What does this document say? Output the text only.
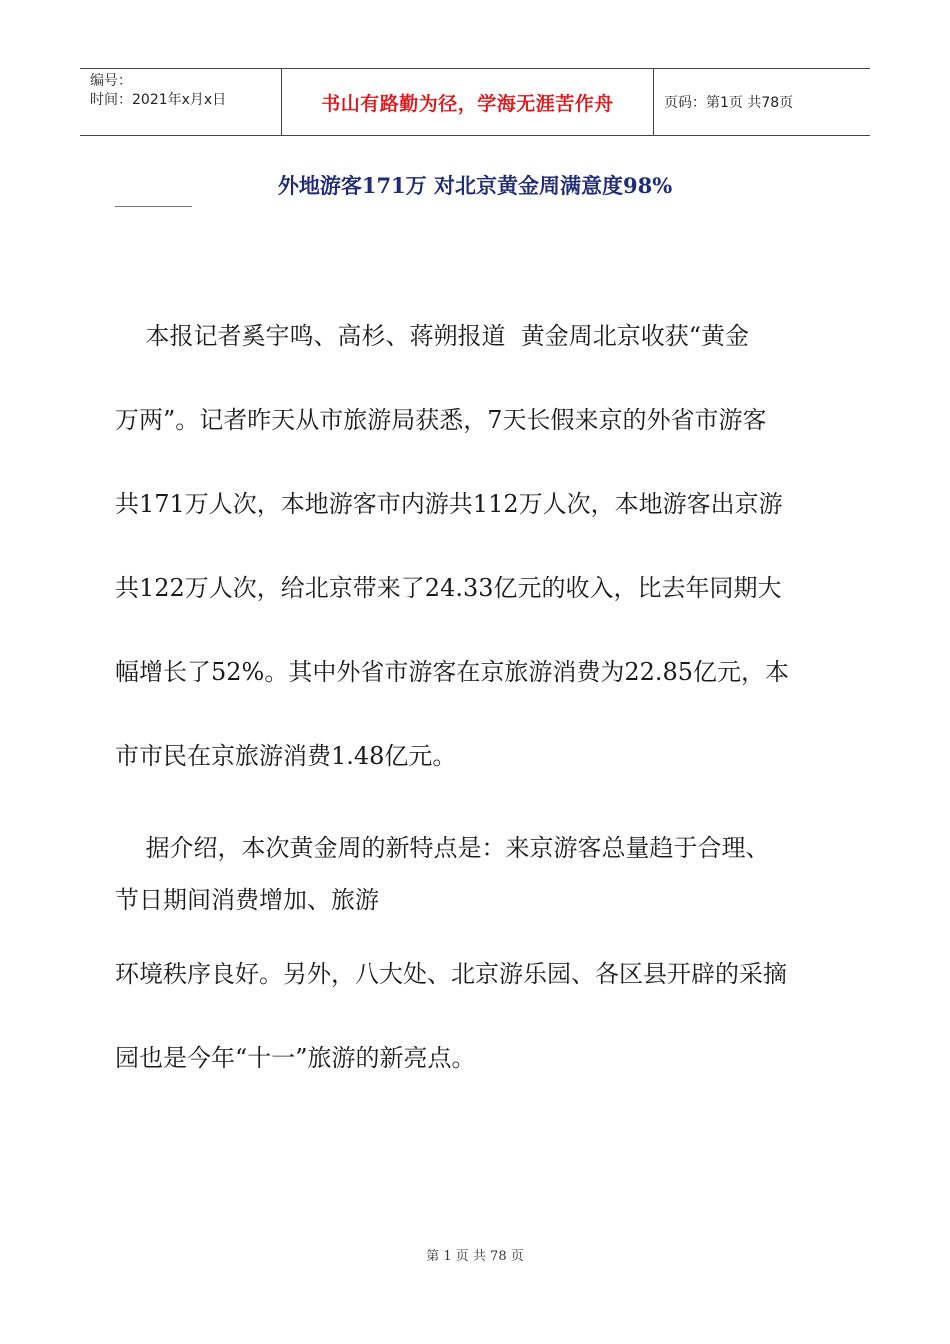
编号：
时间：2021年x月x日	书山有路勤为径，学海无涯苦作舟	页码：第1页 共78页
外地游客171万 对北京黄金周满意度98%
本报记者奚宇鸣、高杉、蒋朔报道  黄金周北京收获“黄金
万两”。记者昨天从市旅游局获悉，7天长假来京的外省市游客
共171万人次，本地游客市内游共112万人次，本地游客出京游
共122万人次，给北京带来了24.33亿元的收入，比去年同期大
幅增长了52%。其中外省市游客在京旅游消费为22.85亿元，本
市市民在京旅游消费1.48亿元。
据介绍，本次黄金周的新特点是：来京游客总量趋于合理、
节日期间消费增加、旅游
环境秩序良好。另外，八大处、北京游乐园、各区县开辟的采摘
园也是今年“十一”旅游的新亮点。
第 1 页 共 78 页
